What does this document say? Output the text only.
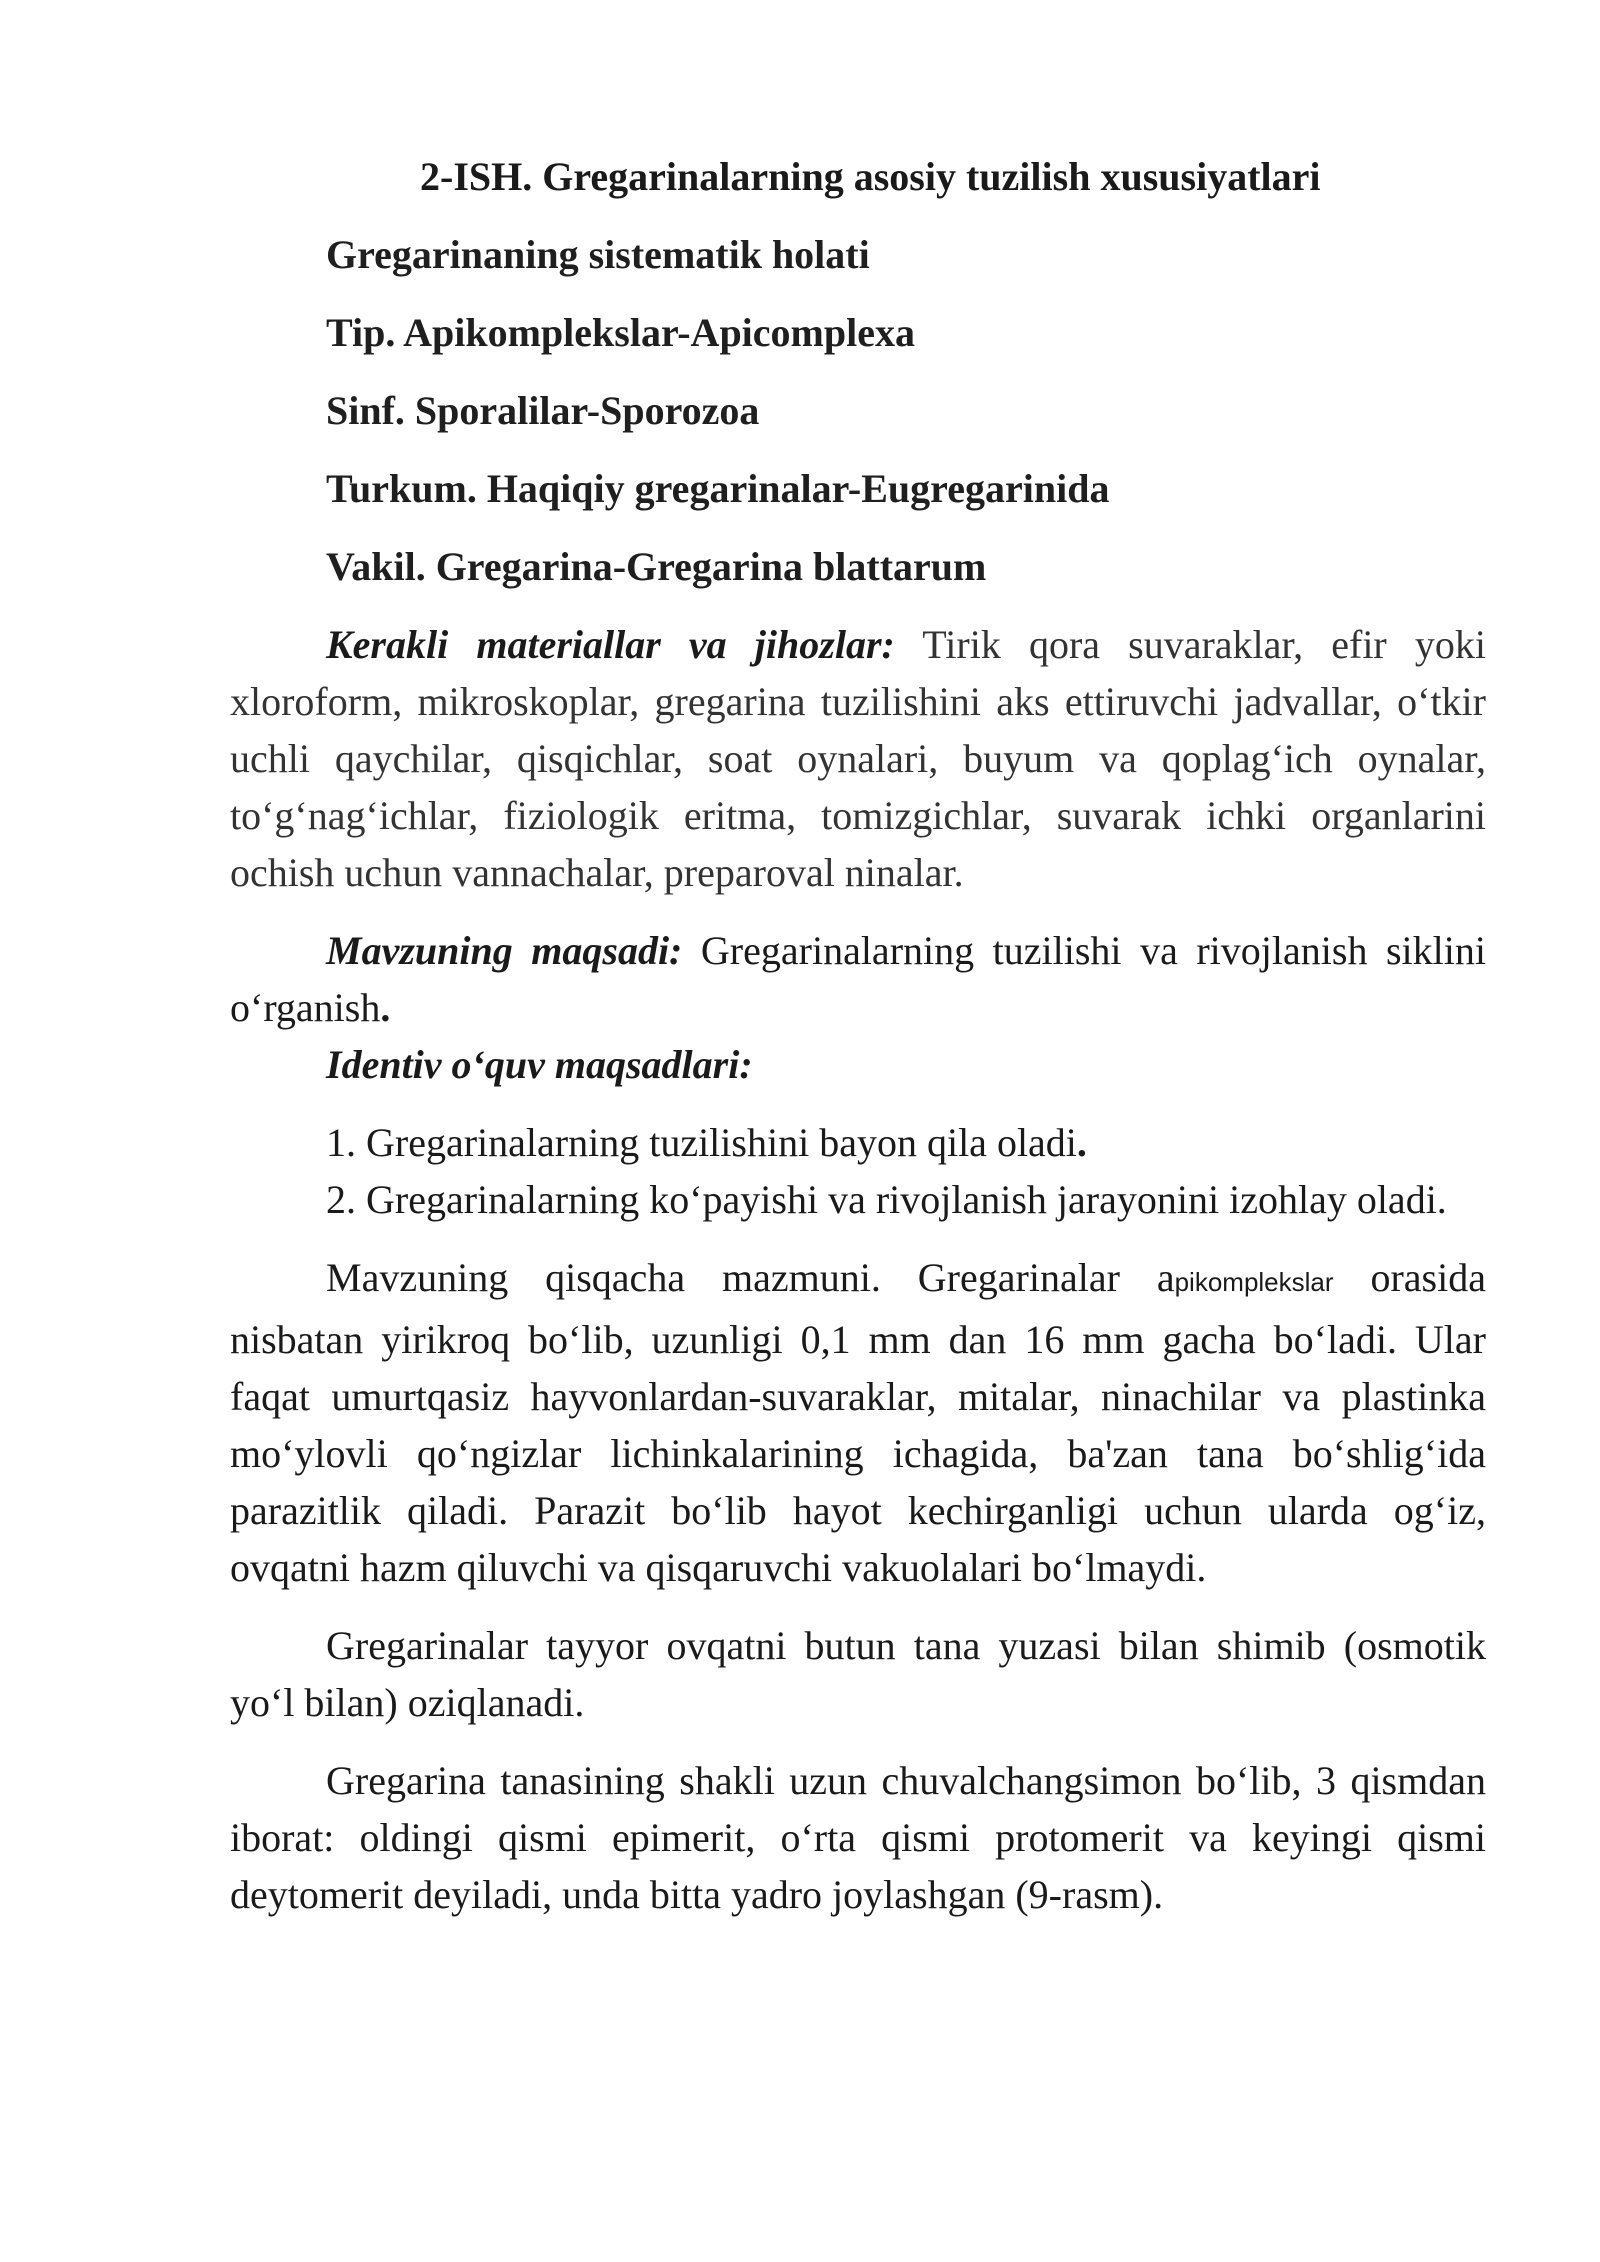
2-ISH. Gregarinalarning asosiy tuzilish xususiyatlari
Gregarinaning sistematik holati
Tip. Apikomplekslar-Apicomplexa
Sinf. Sporalilar-Sporozoa
Turkum. Haqiqiy gregarinalar-Eugregarinida
Vakil. Gregarina-Gregarina blattarum

Kerakli materiallar va jihozlar: Tirik qora suvaraklar, efir yoki xloroform, mikroskoplar, gregarina tuzilishini aks ettiruvchi jadvallar, o‘tkir uchli qaychilar, qisqichlar, soat oynalari, buyum va qoplag‘ich oynalar, to‘g‘nag‘ichlar, fiziologik eritma, tomizgichlar, suvarak ichki organlarini ochish uchun vannachalar, preparoval ninalar.

Mavzuning maqsadi: Gregarinalarning tuzilishi va rivojlanish siklini o‘rganish.

Identiv o‘quv maqsadlari:
1. Gregarinalarning tuzilishini bayon qila oladi.
2. Gregarinalarning ko‘payishi va rivojlanish jarayonini izohlay oladi.

Mavzuning qisqacha mazmuni. Gregarinalar apikomplekslar orasida nisbatan yirikroq bo‘lib, uzunligi 0,1 mm dan 16 mm gacha bo‘ladi. Ular faqat umurtqasiz hayvonlardan-suvaraklar, mitalar, ninachilar va plastinka mo‘ylovli qo‘ngizlar lichinkalarining ichagida, ba'zan tana bo‘shlig‘ida parazitlik qiladi. Parazit bo‘lib hayot kechirganligi uchun ularda og‘iz, ovqatni hazm qiluvchi va qisqaruvchi vakuolalari bo‘lmaydi.

Gregarinalar tayyor ovqatni butun tana yuzasi bilan shimib (osmotik yo‘l bilan) oziqlanadi.

Gregarina tanasining shakli uzun chuvalchangsimon bo‘lib, 3 qismdan iborat: oldingi qismi epimerit, o‘rta qismi protomerit va keyingi qismi deytomerit deyiladi, unda bitta yadro joylashgan (9-rasm).
